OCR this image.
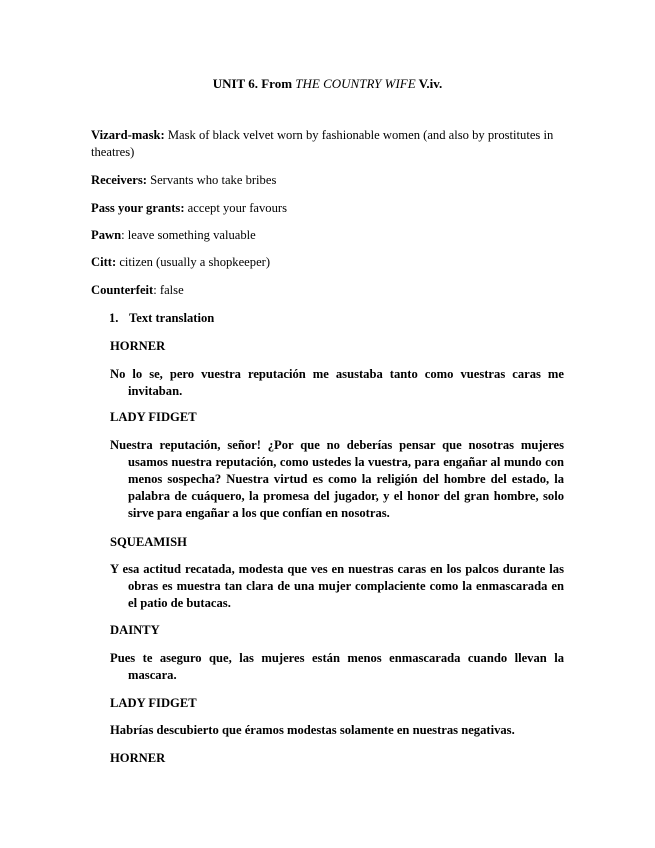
UNIT 6. From THE COUNTRY WIFE V.iv.
Vizard-mask: Mask of black velvet worn by fashionable women (and also by prostitutes in theatres)
Receivers: Servants who take bribes
Pass your grants: accept your favours
Pawn: leave something valuable
Citt: citizen (usually a shopkeeper)
Counterfeit: false
1. Text translation
HORNER
No lo se, pero vuestra reputación me asustaba tanto como vuestras caras me invitaban.
LADY FIDGET
Nuestra reputación, señor! ¿Por que no deberías pensar que nosotras mujeres usamos nuestra reputación, como ustedes la vuestra, para engañar al mundo con menos sospecha? Nuestra virtud es como la religión del hombre del estado, la palabra de cuáquero, la promesa del jugador, y el honor del gran hombre, solo sirve para engañar a los que confían en nosotras.
SQUEAMISH
Y esa actitud recatada, modesta que ves en nuestras caras en los palcos durante las obras es muestra tan clara de una mujer complaciente como la enmascarada en el patio de butacas.
DAINTY
Pues te aseguro que, las mujeres están menos enmascarada cuando llevan la mascara.
LADY FIDGET
Habrías descubierto que éramos modestas solamente en nuestras negativas.
HORNER
